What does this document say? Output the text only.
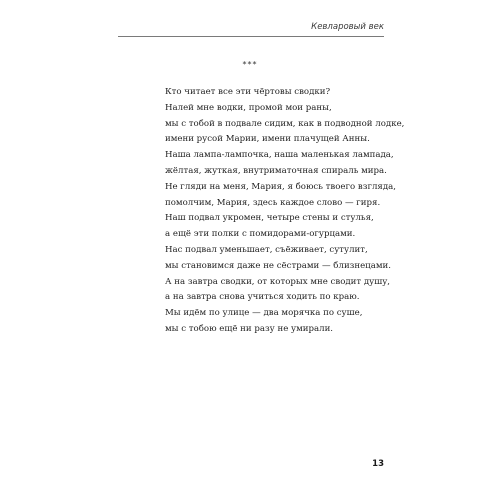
Кевларовый век
***
Кто читает все эти чёртовы сводки?
Налей мне водки, промой мои раны,
мы с тобой в подвале сидим, как в подводной лодке,
имени русой Марии, имени плачущей Анны.
Наша лампа-лампочка, наша маленькая лампада,
жёлтая, жуткая, внутриматочная спираль мира.
Не гляди на меня, Мария, я боюсь твоего взгляда,
помолчим, Мария, здесь каждое слово — гиря.
Наш подвал укромен, четыре стены и стулья,
а ещё эти полки с помидорами-огурцами.
Нас подвал уменьшает, съёживает, сутулит,
мы становимся даже не сёстрами — близнецами.
А на завтра сводки, от которых мне сводит душу,
а на завтра снова учиться ходить по краю.
Мы идём по улице — два морячка по суше,
мы с тобою ещё ни разу не умирали.
13
